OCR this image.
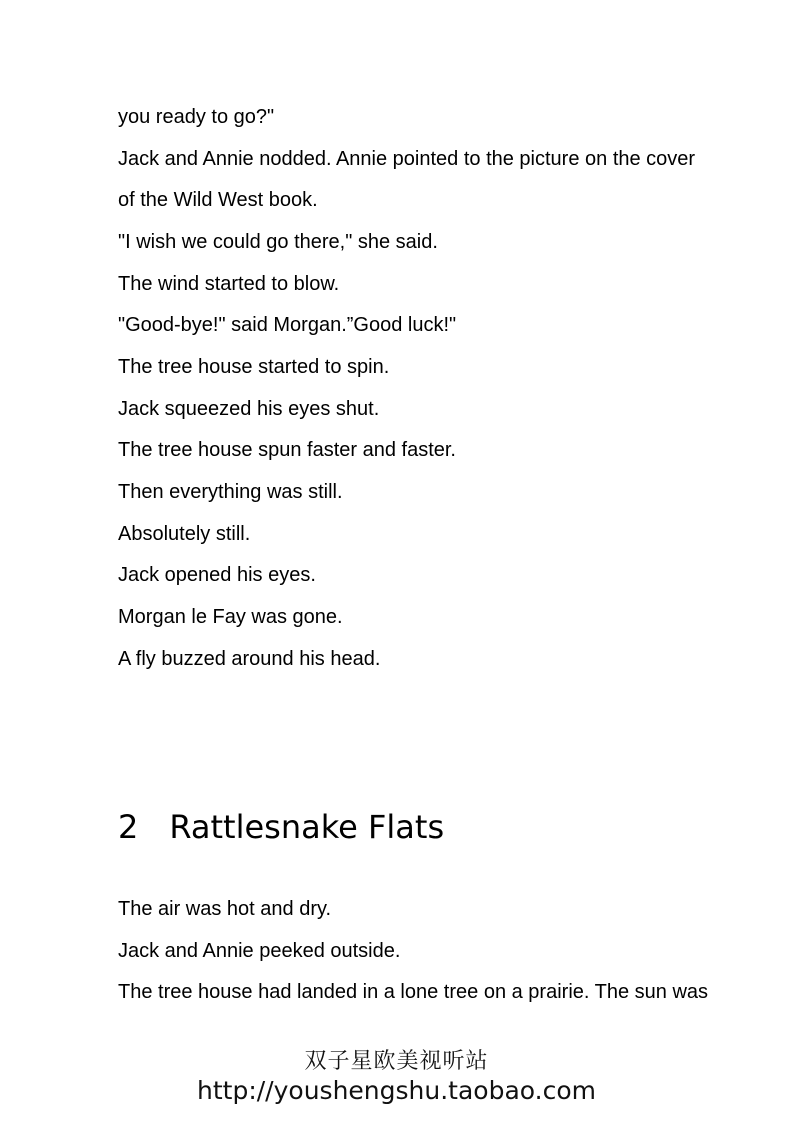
you ready to go?"
Jack and Annie nodded. Annie pointed to the picture on the cover
of the Wild West book.
"I wish we could go there," she said.
The wind started to blow.
"Good-bye!" said Morgan.”Good luck!"
The tree house started to spin.
Jack squeezed his eyes shut.
The tree house spun faster and faster.
Then everything was still.
Absolutely still.
Jack opened his eyes.
Morgan le Fay was gone.
A fly buzzed around his head.
2 Rattlesnake Flats
The air was hot and dry.
Jack and Annie peeked outside.
The tree house had landed in a lone tree on a prairie. The sun was
双子星欧美视听站
http://youshengshu.taobao.com
